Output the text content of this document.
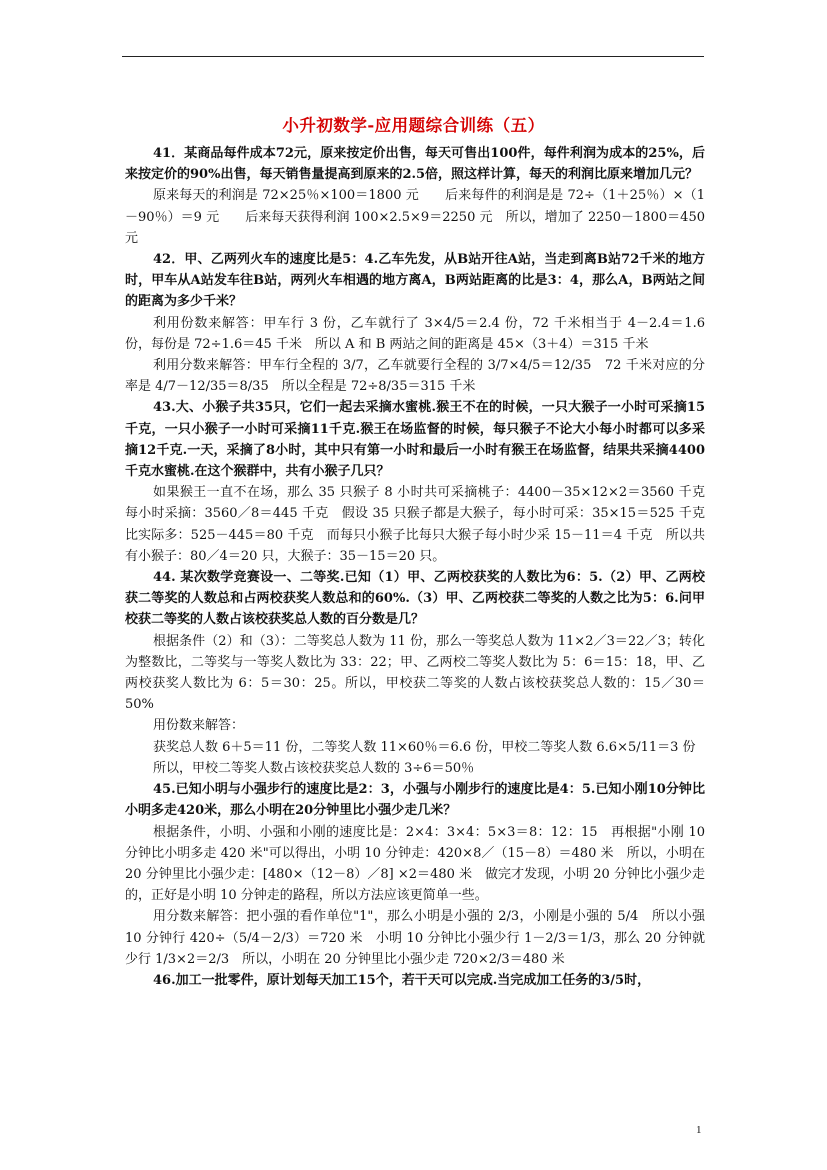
小升初数学-应用题综合训练（五）

41．某商品每件成本72元，原来按定价出售，每天可售出100件，每件利润为成本的25%，后来按定价的90%出售，每天销售量提高到原来的2.5倍，照这样计算，每天的利润比原来增加几元？

原来每天的利润是 72×25％×100＝1800 元　　后来每件的利润是是 72÷（1＋25％）×（1－90％）＝9 元　　后来每天获得利润 100×2.5×9＝2250 元　所以，增加了 2250－1800＝450 元

42．甲、乙两列火车的速度比是5：4.乙车先发，从B站开往A站，当走到离B站72千米的地方时，甲车从A站发车往B站，两列火车相遇的地方离A，B两站距离的比是3：4，那么A，B两站之间的距离为多少千米？

利用份数来解答：甲车行 3 份，乙车就行了 3×4/5＝2.4 份，72 千米相当于 4－2.4＝1.6 份，每份是 72÷1.6＝45 千米　所以 A 和 B 两站之间的距离是 45×（3＋4）＝315 千米

利用分数来解答：甲车行全程的 3/7，乙车就要行全程的 3/7×4/5＝12/35　72 千米对应的分率是 4/7－12/35＝8/35　所以全程是 72÷8/35＝315 千米

43.大、小猴子共35只，它们一起去采摘水蜜桃.猴王不在的时候，一只大猴子一小时可采摘15千克，一只小猴子一小时可采摘11千克.猴王在场监督的时候，每只猴子不论大小每小时都可以多采摘12千克.一天，采摘了8小时，其中只有第一小时和最后一小时有猴王在场监督，结果共采摘4400千克水蜜桃.在这个猴群中，共有小猴子几只？

如果猴王一直不在场，那么 35 只猴子 8 小时共可采摘桃子：4400－35×12×2＝3560 千克　每小时采摘：3560／8＝445 千克　假设 35 只猴子都是大猴子，每小时可采：35×15＝525 千克　比实际多：525－445＝80 千克　而每只小猴子比每只大猴子每小时少采 15－11＝4 千克　所以共有小猴子：80／4＝20 只，大猴子：35－15＝20 只。

44. 某次数学竞赛设一、二等奖.已知（1）甲、乙两校获奖的人数比为6：5.（2）甲、乙两校获二等奖的人数总和占两校获奖人数总和的60%.（3）甲、乙两校获二等奖的人数之比为5：6.问甲校获二等奖的人数占该校获奖总人数的百分数是几？

根据条件（2）和（3）：二等奖总人数为 11 份，那么一等奖总人数为 11×2／3＝22／3；转化为整数比，二等奖与一等奖人数比为 33：22；甲、乙两校二等奖人数比为 5：6＝15：18，甲、乙两校获奖人数比为 6：5＝30：25。所以，甲校获二等奖的人数占该校获奖总人数的：15／30＝50%

用份数来解答：

获奖总人数 6＋5＝11 份，二等奖人数 11×60％＝6.6 份，甲校二等奖人数 6.6×5/11＝3 份

所以，甲校二等奖人数占该校获奖总人数的 3÷6＝50％

45.已知小明与小强步行的速度比是2：3，小强与小刚步行的速度比是4：5.已知小刚10分钟比小明多走420米，那么小明在20分钟里比小强少走几米？

根据条件，小明、小强和小刚的速度比是：2×4：3×4：5×3＝8：12：15　再根据"小刚 10 分钟比小明多走 420 米"可以得出，小明 10 分钟走：420×8／（15－8）＝480 米　所以，小明在 20 分钟里比小强少走：[480×（12－8）／8] ×2＝480 米　做完才发现，小明 20 分钟比小强少走的，正好是小明 10 分钟走的路程，所以方法应该更简单一些。

用分数来解答：把小强的看作单位"1"，那么小明是小强的 2/3，小刚是小强的 5/4　所以小强 10 分钟行 420÷（5/4－2/3）＝720 米　小明 10 分钟比小强少行 1－2/3＝1/3，那么 20 分钟就少行 1/3×2＝2/3　所以，小明在 20 分钟里比小强少走 720×2/3＝480 米

46.加工一批零件，原计划每天加工15个，若干天可以完成.当完成加工任务的3/5时，

1
